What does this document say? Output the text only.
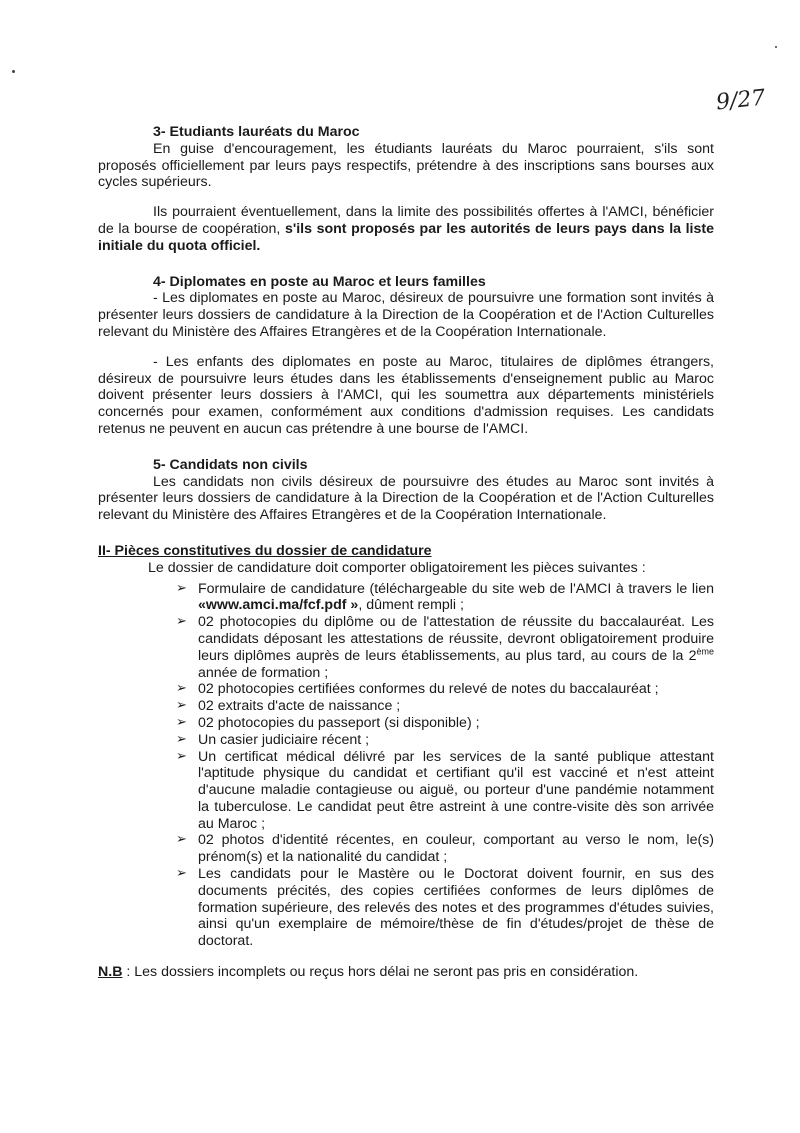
9/27

3- Etudiants lauréats du Maroc

En guise d'encouragement, les étudiants lauréats du Maroc pourraient, s'ils sont proposés officiellement par leurs pays respectifs, prétendre à des inscriptions sans bourses aux cycles supérieurs.

Ils pourraient éventuellement, dans la limite des possibilités offertes à l'AMCI, bénéficier de la bourse de coopération, s'ils sont proposés par les autorités de leurs pays dans la liste initiale du quota officiel.

4- Diplomates en poste au Maroc et leurs familles

- Les diplomates en poste au Maroc, désireux de poursuivre une formation sont invités à présenter leurs dossiers de candidature à la Direction de la Coopération et de l'Action Culturelles relevant du Ministère des Affaires Etrangères et de la Coopération Internationale.

- Les enfants des diplomates en poste au Maroc, titulaires de diplômes étrangers, désireux de poursuivre leurs études dans les établissements d'enseignement public au Maroc doivent présenter leurs dossiers à l'AMCI, qui les soumettra aux départements ministériels concernés pour examen, conformément aux conditions d'admission requises. Les candidats retenus ne peuvent en aucun cas prétendre à une bourse de l'AMCI.

5- Candidats non civils

Les candidats non civils désireux de poursuivre des études au Maroc sont invités à présenter leurs dossiers de candidature à la Direction de la Coopération et de l'Action Culturelles relevant du Ministère des Affaires Etrangères et de la Coopération Internationale.

II- Pièces constitutives du dossier de candidature

Le dossier de candidature doit comporter obligatoirement les pièces suivantes :

➢ Formulaire de candidature (téléchargeable du site web de l'AMCI à travers le lien «www.amci.ma/fcf.pdf », dûment rempli ;
➢ 02 photocopies du diplôme ou de l'attestation de réussite du baccalauréat. Les candidats déposant les attestations de réussite, devront obligatoirement produire leurs diplômes auprès de leurs établissements, au plus tard, au cours de la 2ème année de formation ;
➢ 02 photocopies certifiées conformes du relevé de notes du baccalauréat ;
➢ 02 extraits d'acte de naissance ;
➢ 02 photocopies du passeport (si disponible) ;
➢ Un casier judiciaire récent ;
➢ Un certificat médical délivré par les services de la santé publique attestant l'aptitude physique du candidat et certifiant qu'il est vacciné et n'est atteint d'aucune maladie contagieuse ou aiguë, ou porteur d'une pandémie notamment la tuberculose. Le candidat peut être astreint à une contre-visite dès son arrivée au Maroc ;
➢ 02 photos d'identité récentes, en couleur, comportant au verso le nom, le(s) prénom(s) et la nationalité du candidat ;
➢ Les candidats pour le Mastère ou le Doctorat doivent fournir, en sus des documents précités, des copies certifiées conformes de leurs diplômes de formation supérieure, des relevés des notes et des programmes d'études suivies, ainsi qu'un exemplaire de mémoire/thèse de fin d'études/projet de thèse de doctorat.

N.B : Les dossiers incomplets ou reçus hors délai ne seront pas pris en considération.
